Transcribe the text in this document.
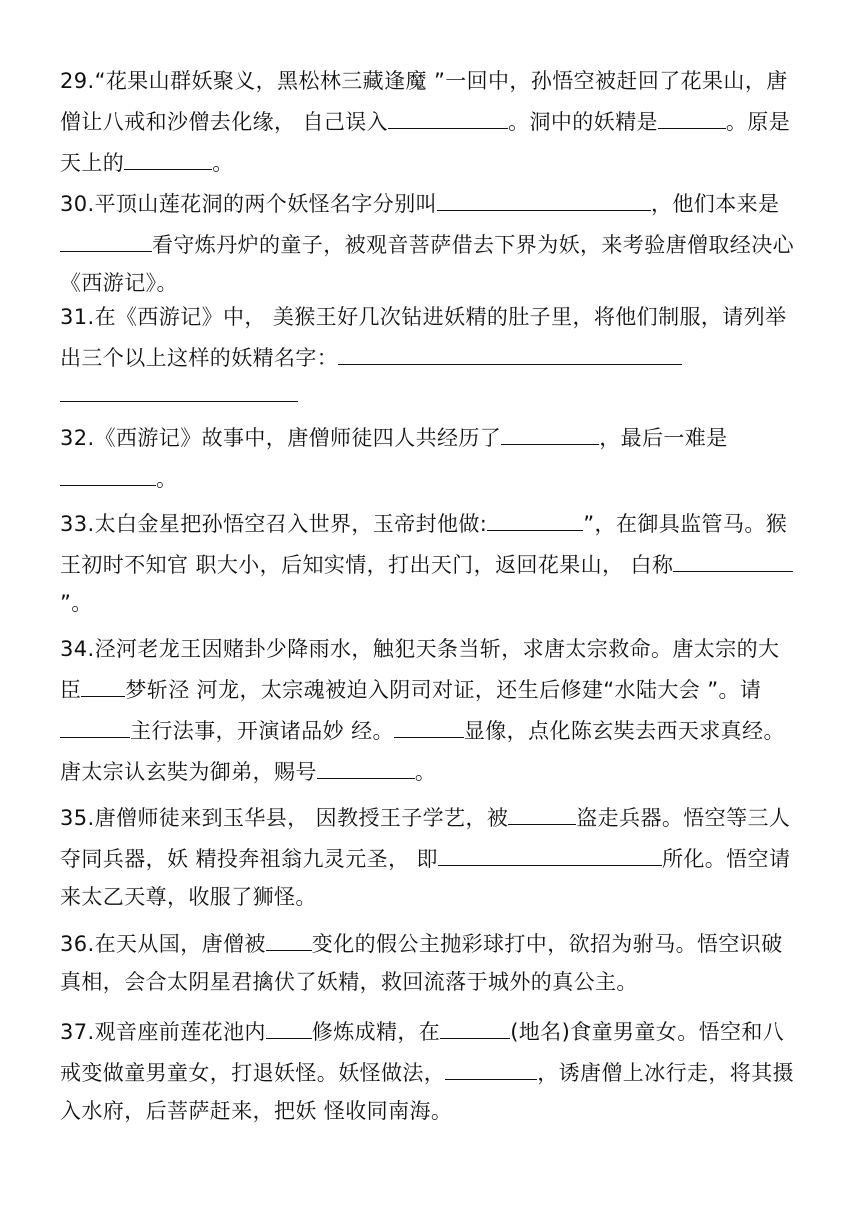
29.“花果山群妖聚义，黑松林三藏逢魔 ”一回中，孙悟空被赶回了花果山，唐僧让八戒和沙僧去化缘， 自己误入	。洞中的妖精是	。原是天上的	。

30.平顶山莲花洞的两个妖怪名字分别叫	，他们本来是看守炼丹炉的童子，被观音菩萨借去下界为妖，来考验唐僧取经决心《西游记》。

31.在《西游记》中， 美猴王好几次钻进妖精的肚子里，将他们制服，请列举出三个以上这样的妖精名字：

32.《西游记》故事中，唐僧师徒四人共经历了	，最后一难是。

33.太白金星把孙悟空召入世界，玉帝封他做:	”，在御具监管马。猴王初时不知官 职大小，后知实情，打出天门，返回花果山， 白称”。

34.泾河老龙王因赌卦少降雨水，触犯天条当斩，求唐太宗救命。唐太宗的大臣 梦斩泾 河龙，太宗魂被迫入阴司对证，还生后修建“水陆大会 ”。请主行法事，开演诸品妙 经。	显像，点化陈玄奘去西天求真经。唐太宗认玄奘为御弟，赐号	。

35.唐僧师徒来到玉华县， 因教授王子学艺，被	盗走兵器。悟空等三人夺同兵器，妖 精投奔祖翁九灵元圣， 即	所化。悟空请来太乙天尊，收服了狮怪。

36.在天从国，唐僧被 变化的假公主抛彩球打中，欲招为驸马。悟空识破真相，会合太阴星君擒伏了妖精，救回流落于城外的真公主。

37.观音座前莲花池内 修炼成精，在	(地名)食童男童女。悟空和八戒变做童男童女，打退妖怪。妖怪做法，	，诱唐僧上冰行走，将其摄入水府，后菩萨赶来，把妖 怪收同南海。
